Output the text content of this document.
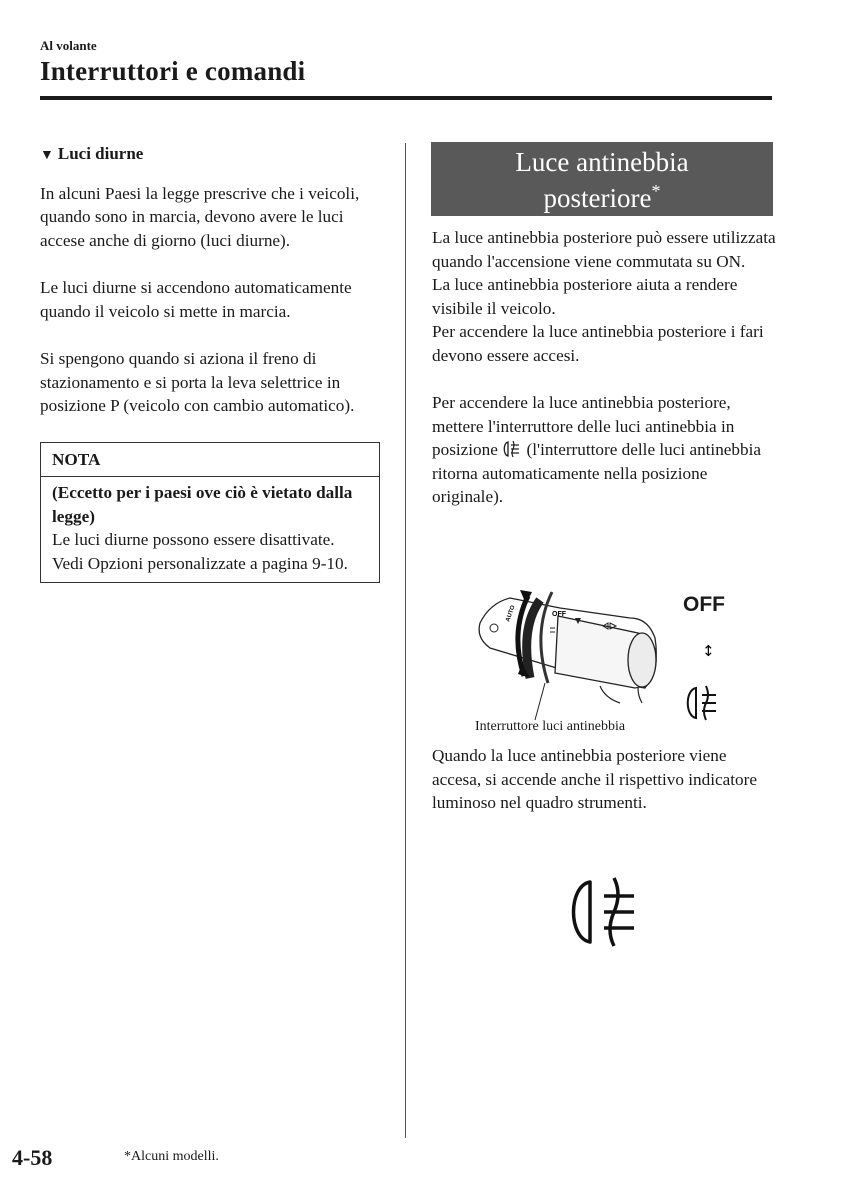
Al volante
Interruttori e comandi
▼ Luci diurne

In alcuni Paesi la legge prescrive che i veicoli, quando sono in marcia, devono avere le luci accese anche di giorno (luci diurne).

Le luci diurne si accendono automaticamente quando il veicolo si mette in marcia.

Si spengono quando si aziona il freno di stazionamento e si porta la leva selettrice in posizione P (veicolo con cambio automatico).

NOTA
(Eccetto per i paesi ove ciò è vietato dalla legge)
Le luci diurne possono essere disattivate.
Vedi Opzioni personalizzate a pagina 9-10.
Luce antinebbia
posteriore*

La luce antinebbia posteriore può essere utilizzata quando l'accensione viene commutata su ON.
La luce antinebbia posteriore aiuta a rendere visibile il veicolo.
Per accendere la luce antinebbia posteriore i fari devono essere accesi.

Per accendere la luce antinebbia posteriore, mettere l'interruttore delle luci antinebbia in posizione (l'interruttore delle luci antinebbia ritorna automaticamente nella posizione originale).

AUTO	OFF
↕
OFF
Interruttore luci antinebbia
Quando la luce antinebbia posteriore viene accesa, si accende anche il rispettivo indicatore luminoso nel quadro strumenti.
4-58	*Alcuni modelli.
